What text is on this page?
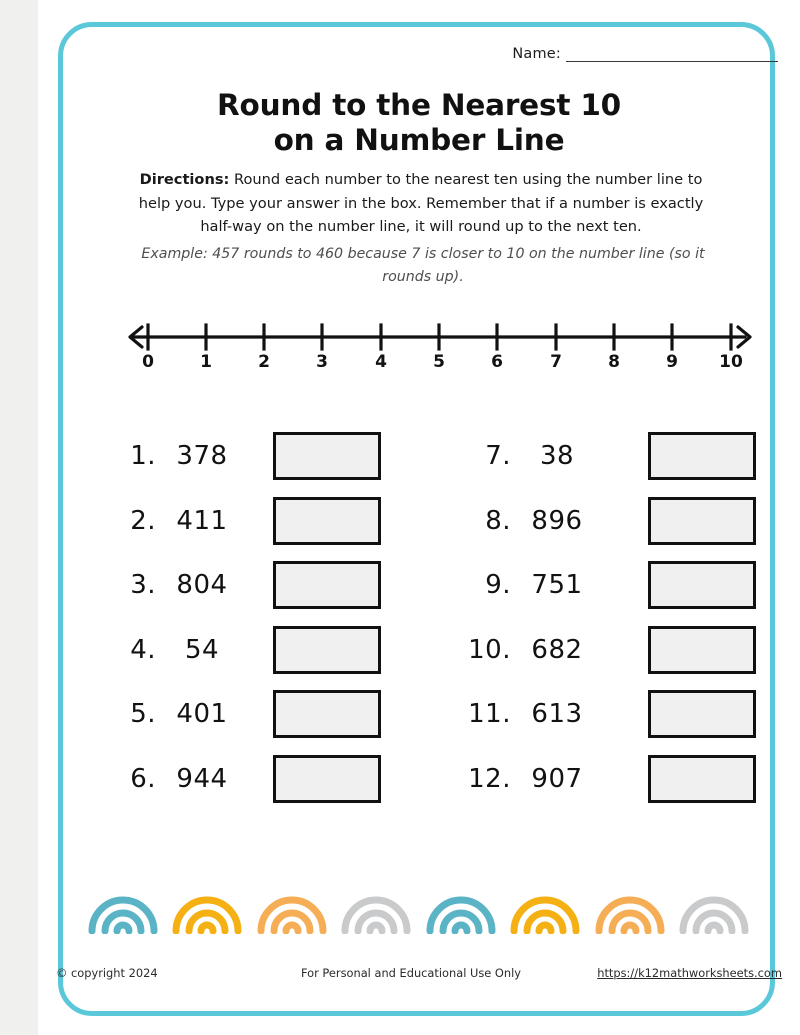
Name:
Round to the Nearest 10
on a Number Line
Directions: Round each number to the nearest ten using the number line to help you. Type your answer in the box. Remember that if a number is exactly half-way on the number line, it will round up to the next ten.
Example: 457 rounds to 460 because 7 is closer to 10 on the number line (so it rounds up).
0	1	2	3	4	5	6	7	8	9 10
1. 378
2. 411
3. 804
4.	54
5. 401
6. 944
7.	38
8. 896
9. 751
10. 682
11. 613
12. 907
© copyright 2024	For Personal and Educational Use Only	https://k12mathworksheets.com
